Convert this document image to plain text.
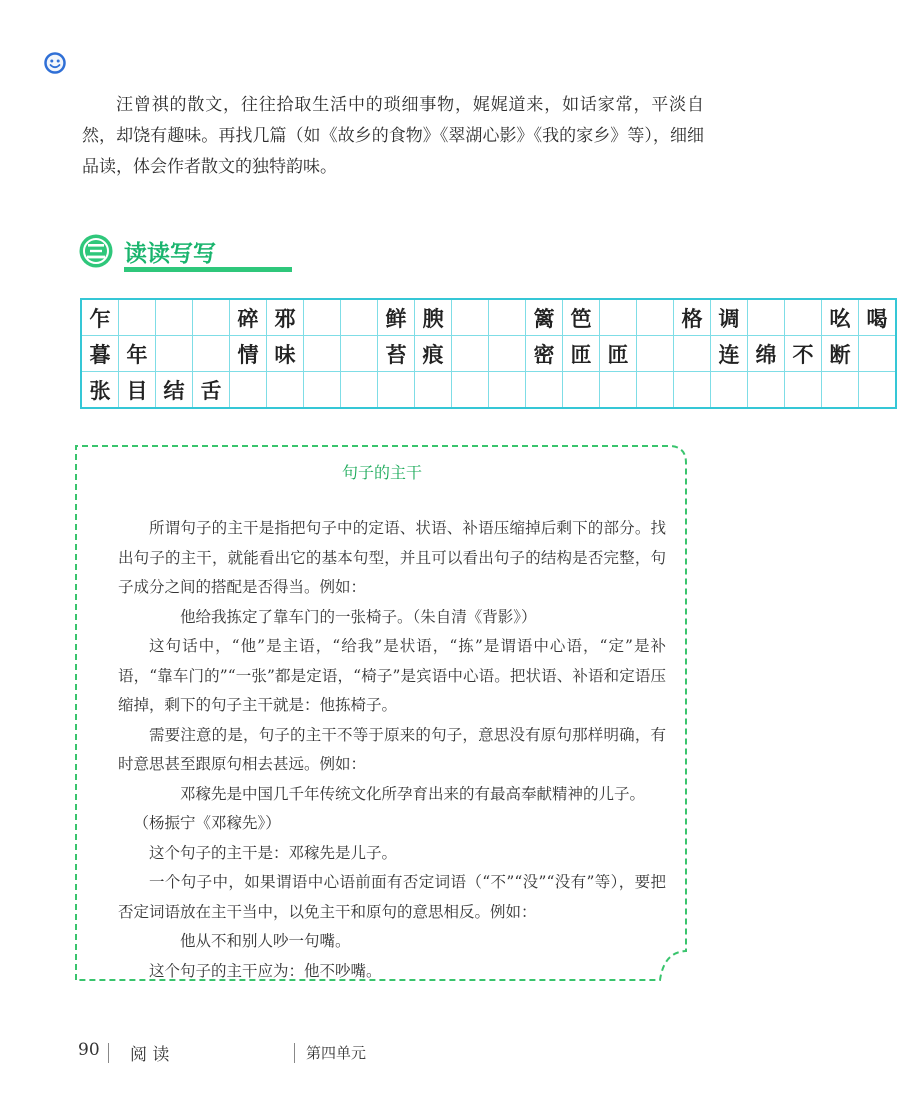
汪曾祺的散文，往往拾取生活中的琐细事物，娓娓道来，如话家常，平淡自然，却饶有趣味。再找几篇（如《故乡的食物》《翠湖心影》《我的家乡》等），细细品读，体会作者散文的独特韵味。

读读写写
乍				碎	邪			鲜	腴			篱	笆			格	调			吆	喝
暮	年			情	味			苔	痕			密	匝	匝			连	绵	不	断	
张	目	结	舌																		
句子的主干

所谓句子的主干是指把句子中的定语、状语、补语压缩掉后剩下的部分。找出句子的主干，就能看出它的基本句型，并且可以看出句子的结构是否完整，句子成分之间的搭配是否得当。例如：

他给我拣定了靠车门的一张椅子。（朱自清《背影》）

这句话中，“他”是主语，“给我”是状语，“拣”是谓语中心语，“定”是补语，“靠车门的”“一张”都是定语，“椅子”是宾语中心语。把状语、补语和定语压缩掉，剩下的句子主干就是：他拣椅子。

需要注意的是，句子的主干不等于原来的句子，意思没有原句那样明确，有时意思甚至跟原句相去甚远。例如：

邓稼先是中国几千年传统文化所孕育出来的有最高奉献精神的儿子。

（杨振宁《邓稼先》）

这个句子的主干是：邓稼先是儿子。

一个句子中，如果谓语中心语前面有否定词语（“不”“没”“没有”等），要把否定词语放在主干当中，以免主干和原句的意思相反。例如：

他从不和别人吵一句嘴。

这个句子的主干应为：他不吵嘴。

90 阅 读	第四单元
